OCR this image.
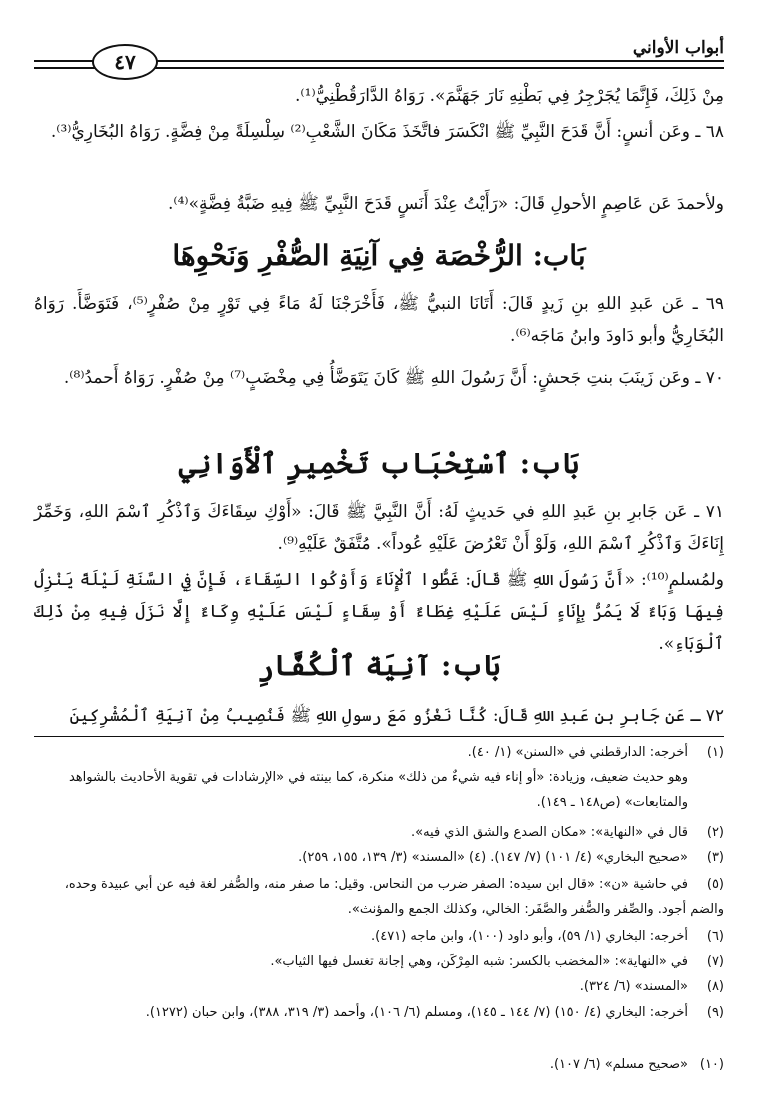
أبواب الأواني
٤٧
مِنْ ذَلِكَ، فَإِنَّمَا يُجَرْجِرُ فِي بَطْنِهِ نَارَ جَهَنَّمَ». رَوَاهُ الدَّارَقُطْنِيُّ⁽¹⁾.
٦٨ ـ وعَن أنسٍ: أَنَّ قَدَحَ النَّبِيِّ ﷺ انْكَسَرَ فاتَّخَذَ مَكَانَ الشَّعْبِ⁽²⁾ سِلْسِلَةً مِنْ فِضَّةٍ. رَوَاهُ البُخَارِيُّ⁽³⁾.
ولأحمدَ عَن عَاصِمٍ الأحولِ قَالَ: «رَأَيْتُ عِنْدَ أَنَسٍ قَدَحَ النَّبِيِّ ﷺ فِيهِ ضَبَّةُ فِضَّةٍ»⁽⁴⁾.
بَاب: الرُّخْصَة فِي آنِيَةِ الصُّفْرِ وَنَحْوِهَا
٦٩ ـ عَن عَبدِ اللهِ بنِ زَيدٍ قَالَ: أَتَانَا النبيُّ ﷺ، فَأَخْرَجْنَا لَهُ مَاءً فِي تَوْرٍ مِنْ صُفْرٍ⁽⁵⁾، فَتَوَضَّأَ. رَوَاهُ البُخَارِيُّ وأبو دَاودَ وابنُ مَاجَه⁽⁶⁾.
٧٠ ـ وعَن زَينَبَ بنتِ جَحشٍ: أَنَّ رَسُولَ اللهِ ﷺ كَانَ يَتَوَضَّأُ فِي مِخْضَبٍ⁽⁷⁾ مِنْ صُفْرٍ. رَوَاهُ أَحمدُ⁽⁸⁾.
بَاب: ٱسْتِحْبَاب تَخْمِيرِ ٱلْأَوَانِي
٧١ ـ عَن جَابرِ بنِ عَبدِ اللهِ في حَديثٍ لَهُ: أَنَّ النَّبِيَّ ﷺ قَالَ: «أَوْكِ سِقَاءَكَ وَٱذْكُرِ ٱسْمَ اللهِ، وَخَمِّرْ إِنَاءَكَ وَٱذْكُرِ ٱسْمَ اللهِ، وَلَوْ أَنْ تَعْرُضَ عَلَيْهِ عُوداً». مُتَّفَقٌ عَلَيْهِ⁽⁹⁾.
ولمُسلمٍ⁽¹⁰⁾: «أَنَّ رَسُولَ اللهِ ﷺ قَالَ: غَطُّوا ٱلْإِنَاءَ وَأَوْكُوا السِّقَاءَ، فَإِنَّ فِي السَّنَةِ لَيْلَةً يَنْزِلُ فِيهَا وَبَاءٌ لَا يَمُرُّ بِإِنَاءٍ لَيْسَ عَلَيْهِ غِطَاءٌ أَوْ سِقَاءٍ لَيْسَ عَلَيْهِ وِكَاءٌ إِلَّا نَزَلَ فِيهِ مِنْ ذَلِكَ ٱلْوَبَاءِ».
بَاب: آنِيَة ٱلْكُفَّارِ
٧٢ ـ عَن جَابرِ بنِ عَبدِ اللهِ قَالَ: كُنَّا نَغْزُو مَعَ رسولِ اللهِ ﷺ فَنُصِيبُ مِنْ آنِيَةِ ٱلْمُشْرِكِينَ
(١)أخرجه: الدارقطني في «السنن» (١/ ٤٠).
وهو حديث ضعيف، وزيادة: «أو إناء فيه شيءٌ من ذلك» منكرة، كما بينته في «الإرشادات في تقوية الأحاديث بالشواهد والمتابعات» (ص١٤٨ ـ ١٤٩).
(٢)قال في «النهاية»: «مكان الصدع والشق الذي فيه».
(٣)«صحيح البخاري» (٤/ ١٠١) (٧/ ١٤٧). (٤) «المسند» (٣/ ١٣٩، ١٥٥، ٢٥٩).
(٥)في حاشية «ن»: «قال ابن سيده: الصفر ضرب من النحاس. وقيل: ما صفر منه، والصُّفر لغة فيه عن أبي عبيدة وحده، والضم أجود. والصِّفر والصُّفر والصَّفَر: الخالي، وكذلك الجمع والمؤنث».
(٦)أخرجه: البخاري (١/ ٥٩)، وأبو داود (١٠٠)، وابن ماجه (٤٧١).
(٧)في «النهاية»: «المخضب بالكسر: شبه المِرْكَن، وهي إجانة تغسل فيها الثياب».
(٨)«المسند» (٦/ ٣٢٤).
(٩)أخرجه: البخاري (٤/ ١٥٠) (٧/ ١٤٤ ـ ١٤٥)، ومسلم (٦/ ١٠٦)، وأحمد (٣/ ٣١٩، ٣٨٨)، وابن حبان (١٢٧٢).
(١٠)«صحيح مسلم» (٦/ ١٠٧).
